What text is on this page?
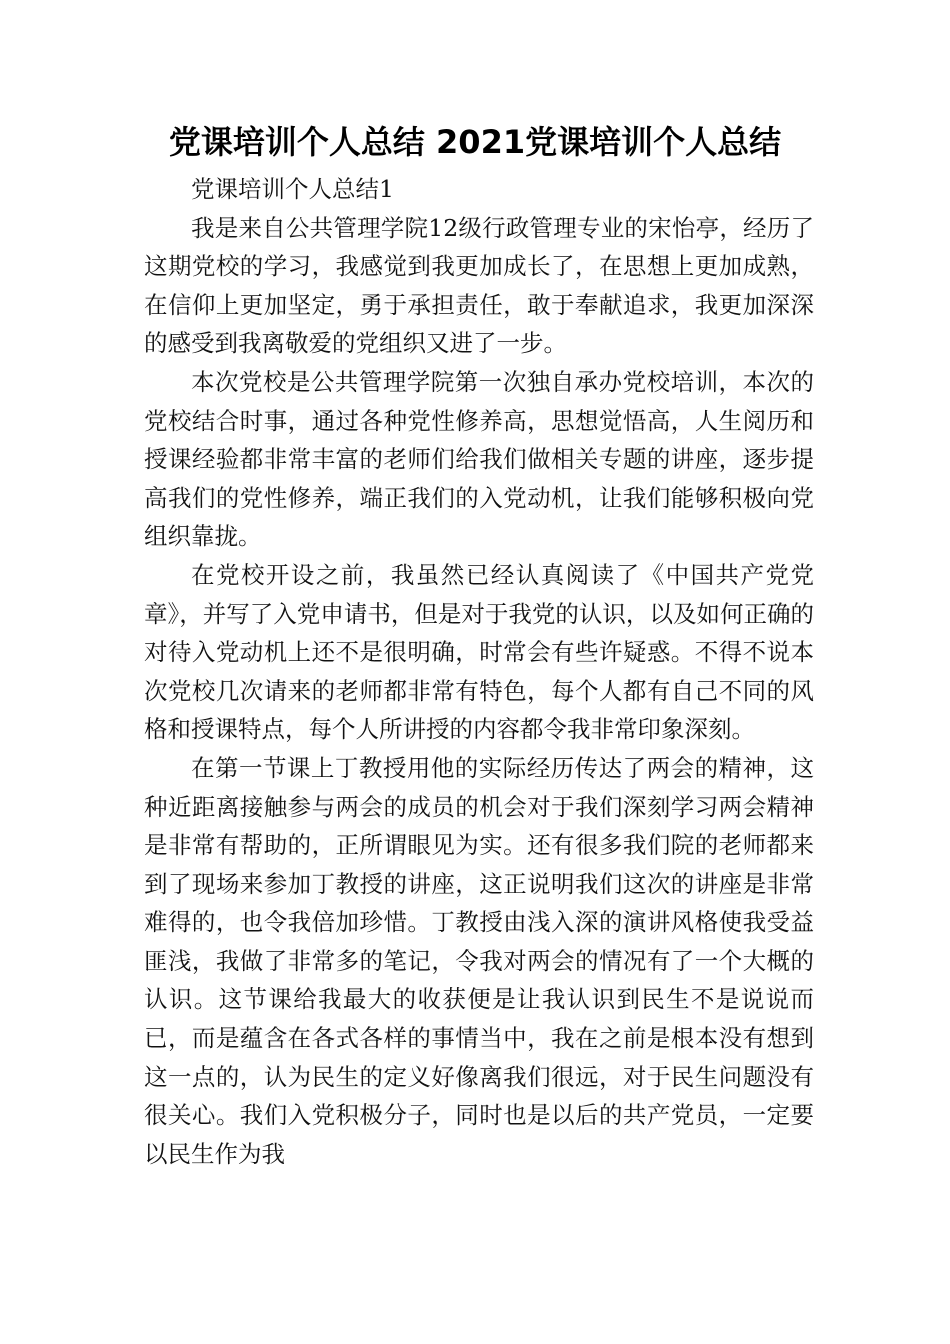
党课培训个人总结 2021党课培训个人总结

党课培训个人总结1

我是来自公共管理学院12级行政管理专业的宋怡亭，经历了这期党校的学习，我感觉到我更加成长了，在思想上更加成熟，在信仰上更加坚定，勇于承担责任，敢于奉献追求，我更加深深的感受到我离敬爱的党组织又进了一步。

本次党校是公共管理学院第一次独自承办党校培训，本次的党校结合时事，通过各种党性修养高，思想觉悟高，人生阅历和授课经验都非常丰富的老师们给我们做相关专题的讲座，逐步提高我们的党性修养，端正我们的入党动机，让我们能够积极向党组织靠拢。

在党校开设之前，我虽然已经认真阅读了《中国共产党党章》，并写了入党申请书，但是对于我党的认识，以及如何正确的对待入党动机上还不是很明确，时常会有些许疑惑。不得不说本次党校几次请来的老师都非常有特色，每个人都有自己不同的风格和授课特点，每个人所讲授的内容都令我非常印象深刻。

在第一节课上丁教授用他的实际经历传达了两会的精神，这种近距离接触参与两会的成员的机会对于我们深刻学习两会精神是非常有帮助的，正所谓眼见为实。还有很多我们院的老师都来到了现场来参加丁教授的讲座，这正说明我们这次的讲座是非常难得的，也令我倍加珍惜。丁教授由浅入深的演讲风格使我受益匪浅，我做了非常多的笔记，令我对两会的情况有了一个大概的认识。这节课给我最大的收获便是让我认识到民生不是说说而已，而是蕴含在各式各样的事情当中，我在之前是根本没有想到这一点的，认为民生的定义好像离我们很远，对于民生问题没有很关心。我们入党积极分子，同时也是以后的共产党员，一定要以民生作为我
